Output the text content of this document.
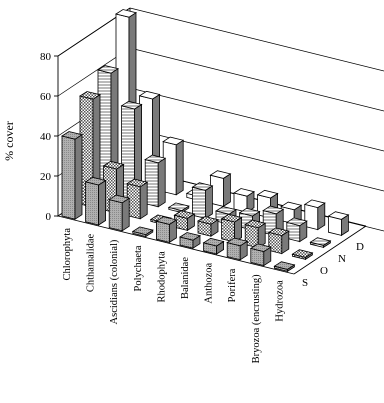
0
20
40
60
80
% cover
Chlorophyta Chthamalidae Ascidians (colonial) Polychaeta Rhodophyta Balanidae Anthozoa Porifera Bryozoa (encrusting) Hydrozoa S
O
N
D
